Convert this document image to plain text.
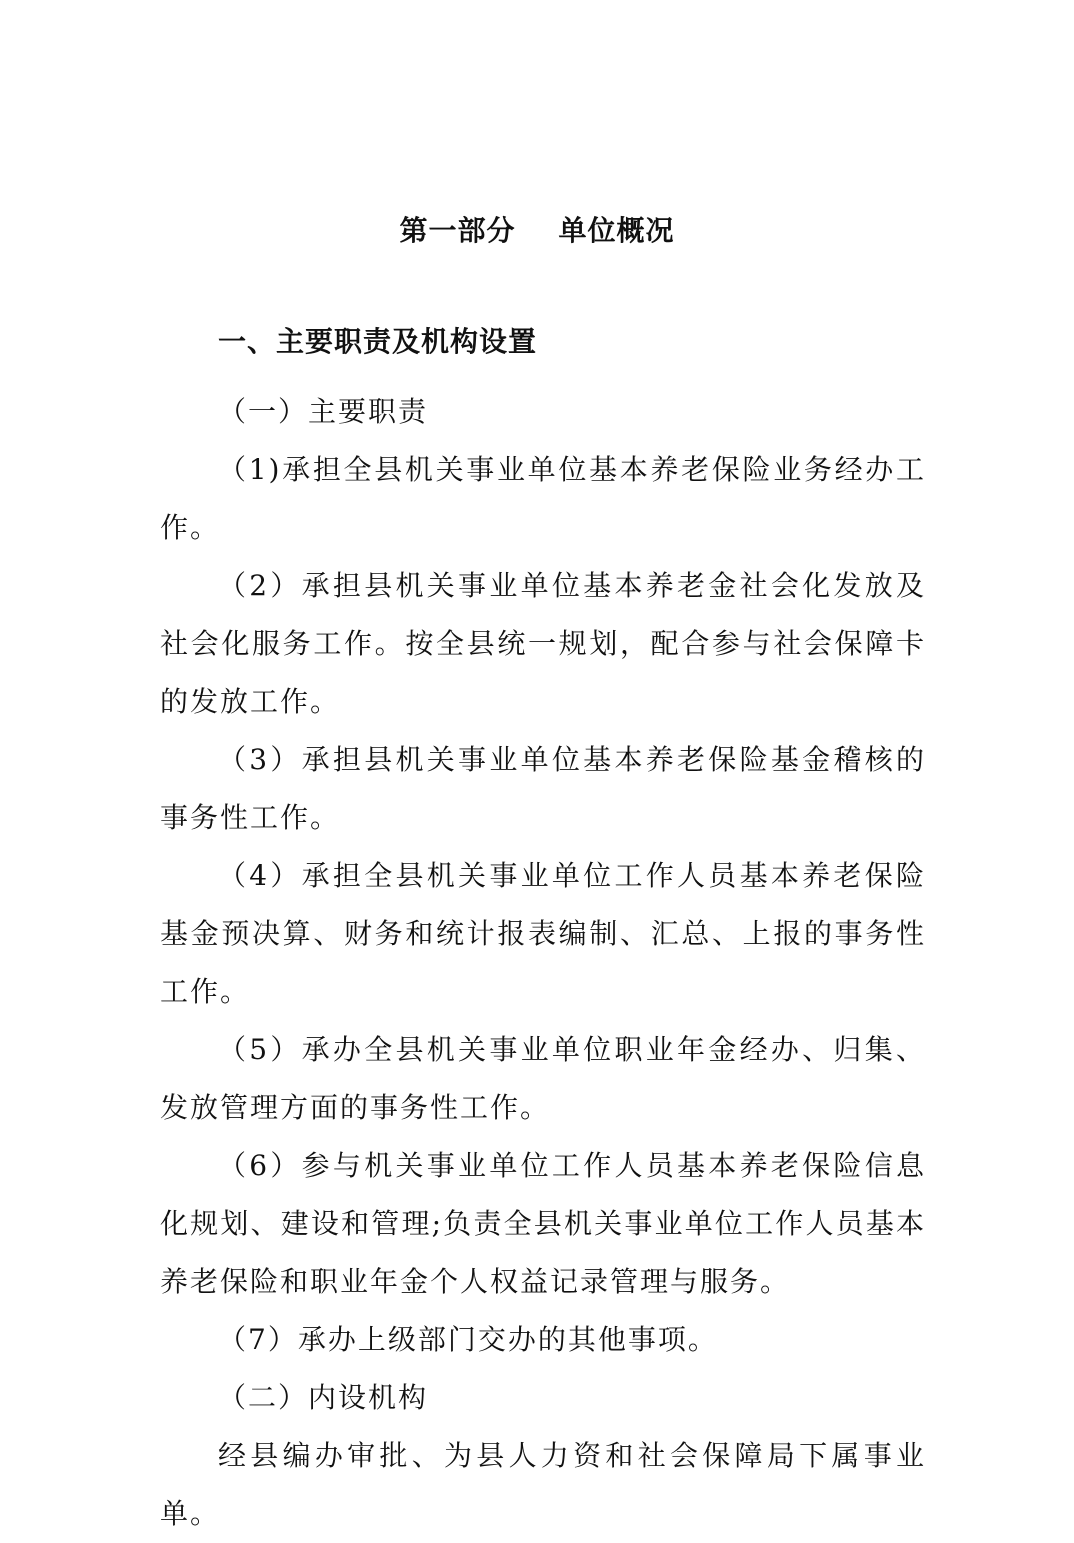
第一部分    单位概况
一、主要职责及机构设置

（一）主要职责

（1)承担全县机关事业单位基本养老保险业务经办工作。

（2）承担县机关事业单位基本养老金社会化发放及社会化服务工作。按全县统一规划，配合参与社会保障卡的发放工作。

（3）承担县机关事业单位基本养老保险基金稽核的事务性工作。

（4）承担全县机关事业单位工作人员基本养老保险基金预决算、财务和统计报表编制、汇总、上报的事务性工作。

（5）承办全县机关事业单位职业年金经办、归集、发放管理方面的事务性工作。

（6）参与机关事业单位工作人员基本养老保险信息化规划、建设和管理;负责全县机关事业单位工作人员基本养老保险和职业年金个人权益记录管理与服务。

（7）承办上级部门交办的其他事项。

（二）内设机构

经县编办审批、为县人力资和社会保障局下属事业单。
